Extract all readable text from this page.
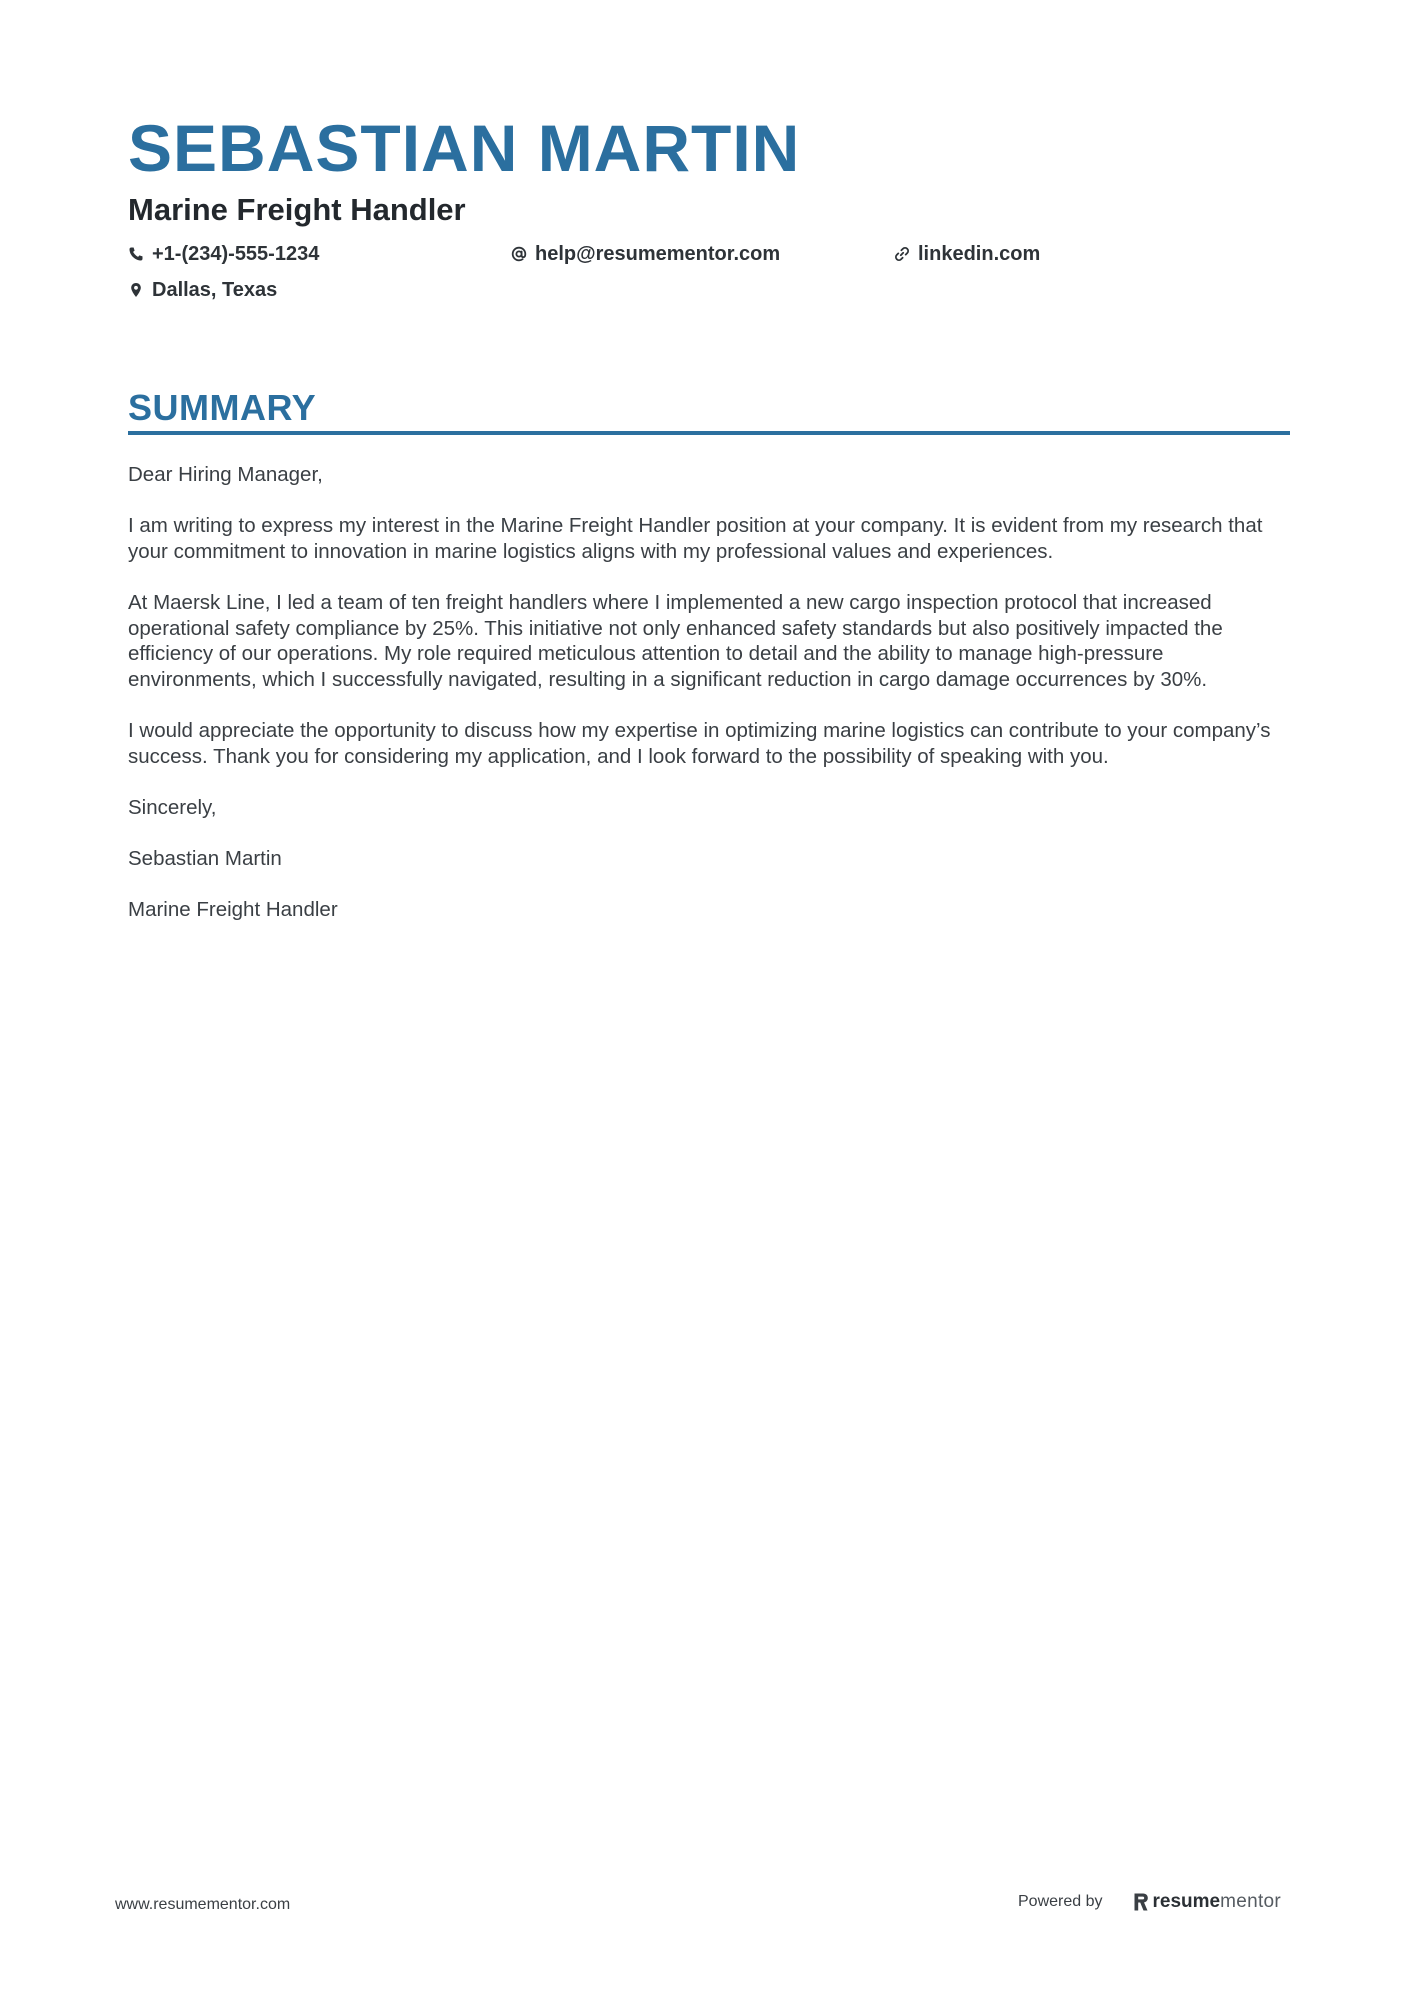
SEBASTIAN MARTIN
Marine Freight Handler
+1-(234)-555-1234	help@resumementor.com	linkedin.com
Dallas, Texas
SUMMARY

Dear Hiring Manager,

I am writing to express my interest in the Marine Freight Handler position at your company. It is evident from my research that your commitment to innovation in marine logistics aligns with my professional values and experiences.

At Maersk Line, I led a team of ten freight handlers where I implemented a new cargo inspection protocol that increased operational safety compliance by 25%. This initiative not only enhanced safety standards but also positively impacted the efficiency of our operations. My role required meticulous attention to detail and the ability to manage high-pressure environments, which I successfully navigated, resulting in a significant reduction in cargo damage occurrences by 30%.

I would appreciate the opportunity to discuss how my expertise in optimizing marine logistics can contribute to your company’s success. Thank you for considering my application, and I look forward to the possibility of speaking with you.

Sincerely,

Sebastian Martin

Marine Freight Handler

www.resumementor.com	Powered by	resume mentor
